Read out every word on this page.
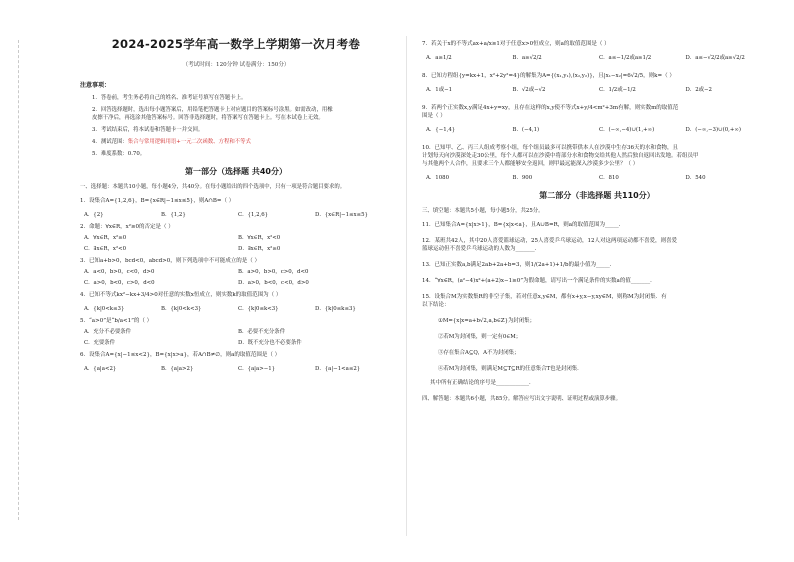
2024-2025学年高一数学上学期第一次月考卷
（考试时间：120分钟 试卷满分：150分）
注意事项：
1．答卷前，考生务必将自己的姓名、准考证号填写在答题卡上。
2．回答选择题时，选出每小题答案后，用铅笔把答题卡上对应题目的答案标号涂黑。如需改动，用橡
皮擦干净后，再选涂其他答案标号。回答非选择题时，将答案写在答题卡上。写在本试卷上无效。
3．考试结束后，将本试卷和答题卡一并交回。
4．测试范围：集合与常用逻辑用语+一元二次函数、方程和不等式
5．难度系数：0.70。
第一部分（选择题 共40分）
一、选择题：本题共10小题，每小题4分，共40分。在每小题给出的四个选项中，只有一项是符合题目要求的。
1．设集合A={1,2,6}，B={x∈R|−1≤x≤5}，则A∩B=（ ）
A．{2}	B．{1,2}	C．{1,2,6}	D．{x∈R|−1≤x≤5}
2．命题：∀x∈R，x²≥0的否定是（ ）
A．∀x∈R，x²≥0	B．∀x∈R，x²<0
C．∃x∈R，x²<0	D．∃x∈R，x²≥0
3．已知a+b>0，bcd<0，abcd>0，则下列选项中不可能成立的是（ ）
A．a<0，b>0，c<0，d>0	B．a>0，b>0，c>0，d<0
C．a>0，b<0，c>0，d<0	D．a>0，b<0，c<0，d>0
4．已知不等式kx²−kx+3/4>0对任意的实数x恒成立，则实数k的取值范围为（ ）
A．{k|0<k≤3}	B．{k|0<k<3}	C．{k|0≤k<3}	D．{k|0≤k≤3}
5．“a>0”是“b/a<1”的（ ）
A．充分不必要条件	B．必要不充分条件
C．充要条件	D．既不充分也不必要条件
6．设集合A={x|−1≤x<2}，B={x|x>a}，若A∩B≠∅，则a的取值范围是（ ）
A．{a|a<2}	B．{a|a>2}	C．{a|a>−1}	D．{a|−1<a≤2}
7．若关于x的不等式ax+a/x≥1对于任意x>0恒成立，则a的取值范围是（ ）
A．a≥1/2	B．a≥√2/2	C．a≤−1/2或a≥1/2	D．a≤−√2/2或a≥√2/2
8．已知方程组{y=kx+1，x²+2y²=4}的解集为A={(x₁,y₁),(x₂,y₂)}，且|x₁−x₂|=6√2/5，则k=（ ）
A．1或−1	B．√2或−√2	C．1/2或−1/2	D．2或−2
9．若两个正实数x,y满足4x+y=xy，且存在这样的x,y使不等式x+y/4<m²+3m有解，则实数m的取值范
围是（ ）
A．{−1,4}	B．(−4,1)	C．(−∞,−4)∪(1,+∞)	D．(−∞,−3)∪(0,+∞)
10．已知甲、乙、丙三人组成考察小组，每个组员最多可以携带供本人在沙漠中生存36天的水和食物，且
计划每天向沙漠深处走30公里，每个人都可以在沙漠中将部分水和食物交给其他人然后独自返回出发地。若组员甲
与其他两个人合作，且要求三个人都能够安全返回，则甲最远能深入沙漠多少公里？（ ）
A．1080	B．900	C．810	D．540
第二部分（非选择题 共110分）
三、填空题：本题共5小题，每小题5分，共25分。
11．已知集合A={x|x>1}，B={x|x<a}，且A∪B=R，则a的取值范围为_____．
12．某班共42人，其中20人喜爱篮球运动，25人喜爱乒乓球运动，12人对这两项运动都不喜爱，则喜爱
篮球运动但不喜爱乒乓球运动的人数为_______．
13．已知正实数a,b满足2ab+2a+b=3，则1/(2a+1)+1/b的最小值为_____．
14．“∀x∈R，(a²−4)x²+(a+2)x−1≥0”为假命题，请写出一个满足条件的实数a的值_______．
15．设集合M为实数集R的非空子集，若对任意x,y∈M，都有x+y,x−y,xy∈M，则称M为封闭集．有
以下结论：
①M={x|x=a+b√2,a,b∈Z}为封闭集；
②若M为封闭集，则一定有0∈M；
③存在集合A⊆Q，A不为封闭集；
④若M为封闭集，则满足M⊆T⊆R的任意集合T也是封闭集．
其中所有正确结论的序号是____________．
四、解答题：本题共6小题，共85分。解答应写出文字说明、证明过程或演算步骤。
